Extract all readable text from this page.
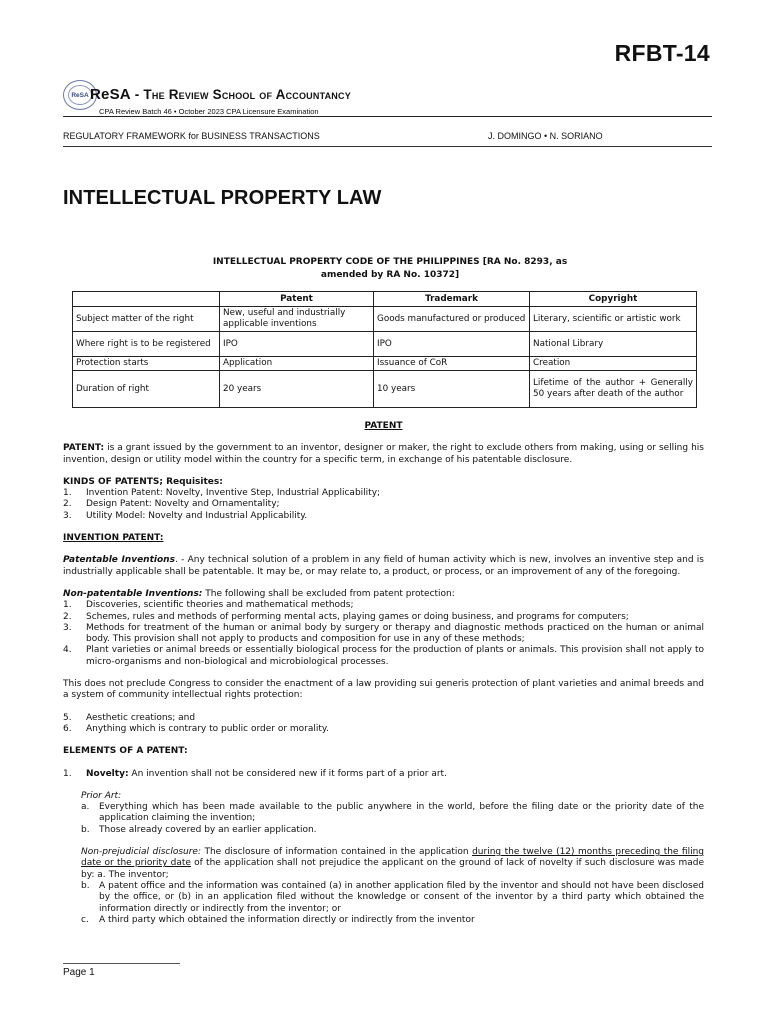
RFBT-14
ReSA ReSA - The Review School of Accountancy
CPA Review Batch 46 • October 2023 CPA Licensure Examination
REGULATORY FRAMEWORK for BUSINESS TRANSACTIONS	J. DOMINGO • N. SORIANO
INTELLECTUAL PROPERTY LAW
INTELLECTUAL PROPERTY CODE OF THE PHILIPPINES [RA No. 8293, as amended by RA No. 10372]
	Patent	Trademark	Copyright
Subject matter of the right	New, useful and industrially applicable inventions	Goods manufactured or produced	Literary, scientific or artistic work
Where right is to be registered	IPO	IPO	National Library
Protection starts	Application	Issuance of CoR	Creation
Duration of right	20 years	10 years	Lifetime of the author + Generally 50 years after death of the author

PATENT

PATENT: is a grant issued by the government to an inventor, designer or maker, the right to exclude others from making, using or selling his invention, design or utility model within the country for a specific term, in exchange of his patentable disclosure.

KINDS OF PATENTS; Requisites:

1. Invention Patent: Novelty, Inventive Step, Industrial Applicability;
2. Design Patent: Novelty and Ornamentality;
3. Utility Model: Novelty and Industrial Applicability.

INVENTION PATENT:

Patentable Inventions. - Any technical solution of a problem in any field of human activity which is new, involves an inventive step and is industrially applicable shall be patentable. It may be, or may relate to, a product, or process, or an improvement of any of the foregoing.

Non-patentable Inventions: The following shall be excluded from patent protection:

1. Discoveries, scientific theories and mathematical methods;
2. Schemes, rules and methods of performing mental acts, playing games or doing business, and programs for computers;
3. Methods for treatment of the human or animal body by surgery or therapy and diagnostic methods practiced on the human or animal body. This provision shall not apply to products and composition for use in any of these methods;
4. Plant varieties or animal breeds or essentially biological process for the production of plants or animals. This provision shall not apply to micro-organisms and non-biological and microbiological processes.

This does not preclude Congress to consider the enactment of a law providing sui generis protection of plant varieties and animal breeds and a system of community intellectual rights protection:

5. Aesthetic creations; and
6. Anything which is contrary to public order or morality.

ELEMENTS OF A PATENT:

1. Novelty: An invention shall not be considered new if it forms part of a prior art.

Prior Art:

a. Everything which has been made available to the public anywhere in the world, before the filing date or the priority date of the application claiming the invention;
b. Those already covered by an earlier application.

Non-prejudicial disclosure: The disclosure of information contained in the application during the twelve (12) months preceding the filing date or the priority date of the application shall not prejudice the applicant on the ground of lack of novelty if such disclosure was made by: a. The inventor;

b. A patent office and the information was contained (a) in another application filed by the inventor and should not have been disclosed by the office, or (b) in an application filed without the knowledge or consent of the inventor by a third party which obtained the information directly or indirectly from the inventor; or
c. A third party which obtained the information directly or indirectly from the inventor
Page 1
